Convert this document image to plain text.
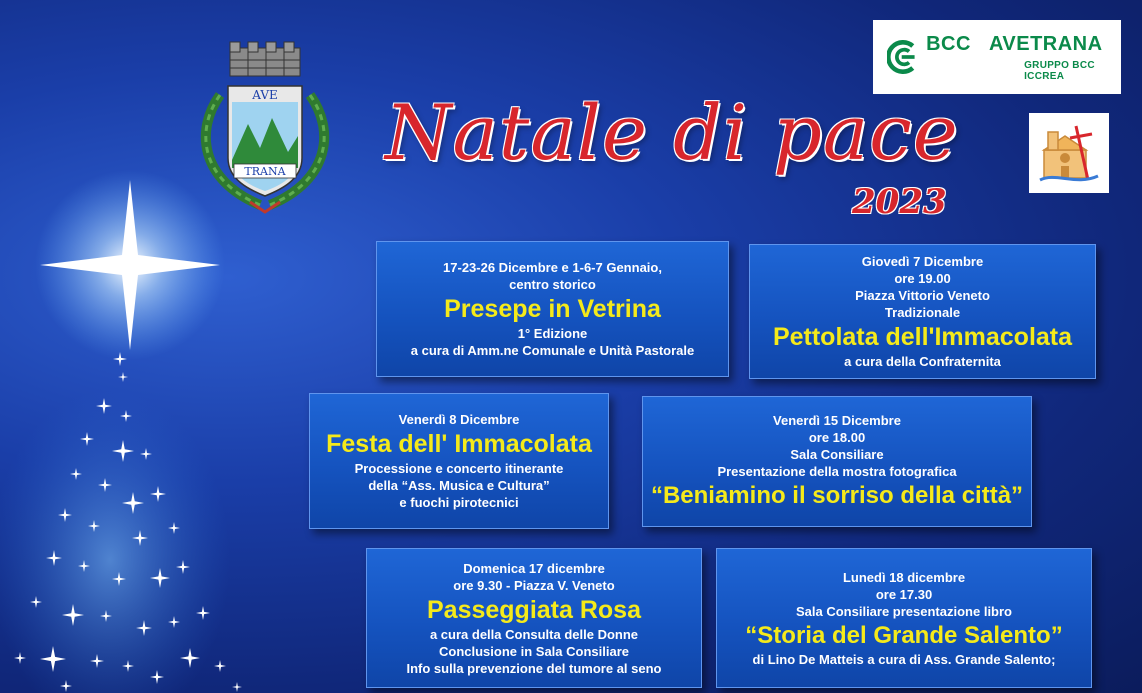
AVE
TRANA
BCC AVETRANA
GRUPPO BCC ICCREA
Natale di pace
2023
17-23-26 Dicembre e 1-6-7 Gennaio,
centro storico
Presepe in Vetrina
1° Edizione
a cura di Amm.ne Comunale e Unità Pastorale
Giovedì 7 Dicembre
ore 19.00
Piazza Vittorio Veneto
Tradizionale
Pettolata dell'Immacolata
a cura della Confraternita
Venerdì 8 Dicembre
Festa dell' Immacolata
Processione e concerto itinerante
della “Ass. Musica e Cultura”
e fuochi pirotecnici
Venerdì 15 Dicembre
ore 18.00
Sala Consiliare
Presentazione della mostra fotografica
“Beniamino il sorriso della città”
Domenica 17 dicembre
ore 9.30 - Piazza V. Veneto
Passeggiata Rosa
a cura della Consulta delle Donne
Conclusione in Sala Consiliare
Info sulla prevenzione del tumore al seno
Lunedì 18 dicembre
ore 17.30
Sala Consiliare presentazione libro
“Storia del Grande Salento”
di Lino De Matteis a cura di Ass. Grande Salento;
